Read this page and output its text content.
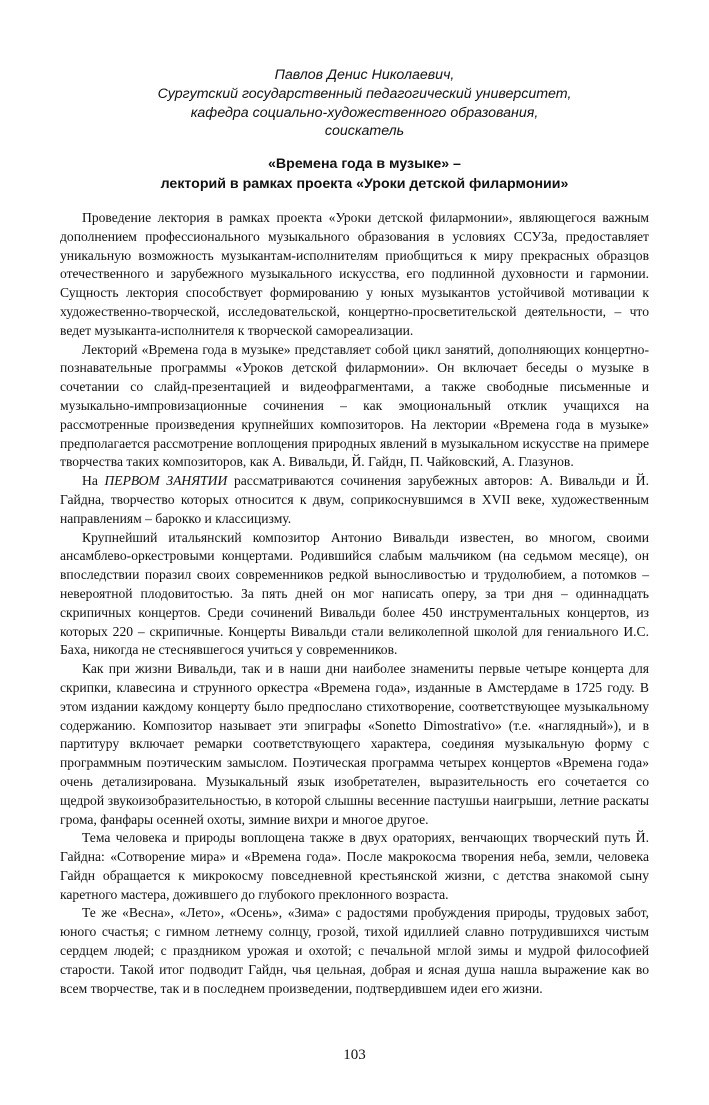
Павлов Денис Николаевич,
Сургутский государственный педагогический университет,
кафедра социально-художественного образования,
соискатель
«Времена года в музыке» –
лекторий в рамках проекта «Уроки детской филармонии»

Проведение лектория в рамках проекта «Уроки детской филармонии», являющегося важным дополнением профессионального музыкального образования в условиях ССУЗа, предоставляет уникальную возможность музыкантам-исполнителям приобщиться к миру прекрасных образцов отечественного и зарубежного музыкального искусства, его подлинной духовности и гармонии. Сущность лектория способствует формированию у юных музыкантов устойчивой мотивации к художественно-творческой, исследовательской, концертно-просветительской деятельности, – что ведет музыканта-исполнителя к творческой самореализации.

Лекторий «Времена года в музыке» представляет собой цикл занятий, дополняющих концертно-познавательные программы «Уроков детской филармонии». Он включает беседы о музыке в сочетании со слайд-презентацией и видеофрагментами, а также свободные письменные и музыкально-импровизационные сочинения – как эмоциональный отклик учащихся на рассмотренные произведения крупнейших композиторов. На лектории «Времена года в музыке» предполагается рассмотрение воплощения природных явлений в музыкальном искусстве на примере творчества таких композиторов, как А. Вивальди, Й. Гайдн, П. Чайковский, А. Глазунов.

На ПЕРВОМ ЗАНЯТИИ рассматриваются сочинения зарубежных авторов: А. Вивальди и Й. Гайдна, творчество которых относится к двум, соприкоснувшимся в XVII веке, художественным направлениям – барокко и классицизму.

Крупнейший итальянский композитор Антонио Вивальди известен, во многом, своими ансамблево-оркестровыми концертами. Родившийся слабым мальчиком (на седьмом месяце), он впоследствии поразил своих современников редкой выносливостью и трудолюбием, а потомков – невероятной плодовитостью. За пять дней он мог написать оперу, за три дня – одиннадцать скрипичных концертов. Среди сочинений Вивальди более 450 инструментальных концертов, из которых 220 – скрипичные. Концерты Вивальди стали великолепной школой для гениального И.С. Баха, никогда не стеснявшегося учиться у современников.

Как при жизни Вивальди, так и в наши дни наиболее знамениты первые четыре концерта для скрипки, клавесина и струнного оркестра «Времена года», изданные в Амстердаме в 1725 году. В этом издании каждому концерту было предпослано стихотворение, соответствующее музыкальному содержанию. Композитор называет эти эпиграфы «Sonetto Dimostrativo» (т.е. «наглядный»), и в партитуру включает ремарки соответствующего характера, соединяя музыкальную форму с программным поэтическим замыслом. Поэтическая программа четырех концертов «Времена года» очень детализирована. Музыкальный язык изобретателен, выразительность его сочетается со щедрой звукоизобразительностью, в которой слышны весенние пастушьи наигрыши, летние раскаты грома, фанфары осенней охоты, зимние вихри и многое другое.

Тема человека и природы воплощена также в двух ораториях, венчающих творческий путь Й. Гайдна: «Сотворение мира» и «Времена года». После макрокосма творения неба, земли, человека Гайдн обращается к микрокосму повседневной крестьянской жизни, с детства знакомой сыну каретного мастера, дожившего до глубокого преклонного возраста.

Те же «Весна», «Лето», «Осень», «Зима» с радостями пробуждения природы, трудовых забот, юного счастья; с гимном летнему солнцу, грозой, тихой идиллией славно потрудившихся чистым сердцем людей; с праздником урожая и охотой; с печальной мглой зимы и мудрой философией старости. Такой итог подводит Гайдн, чья цельная, добрая и ясная душа нашла выражение как во всем творчестве, так и в последнем произведении, подтвердившем идеи его жизни.

103
